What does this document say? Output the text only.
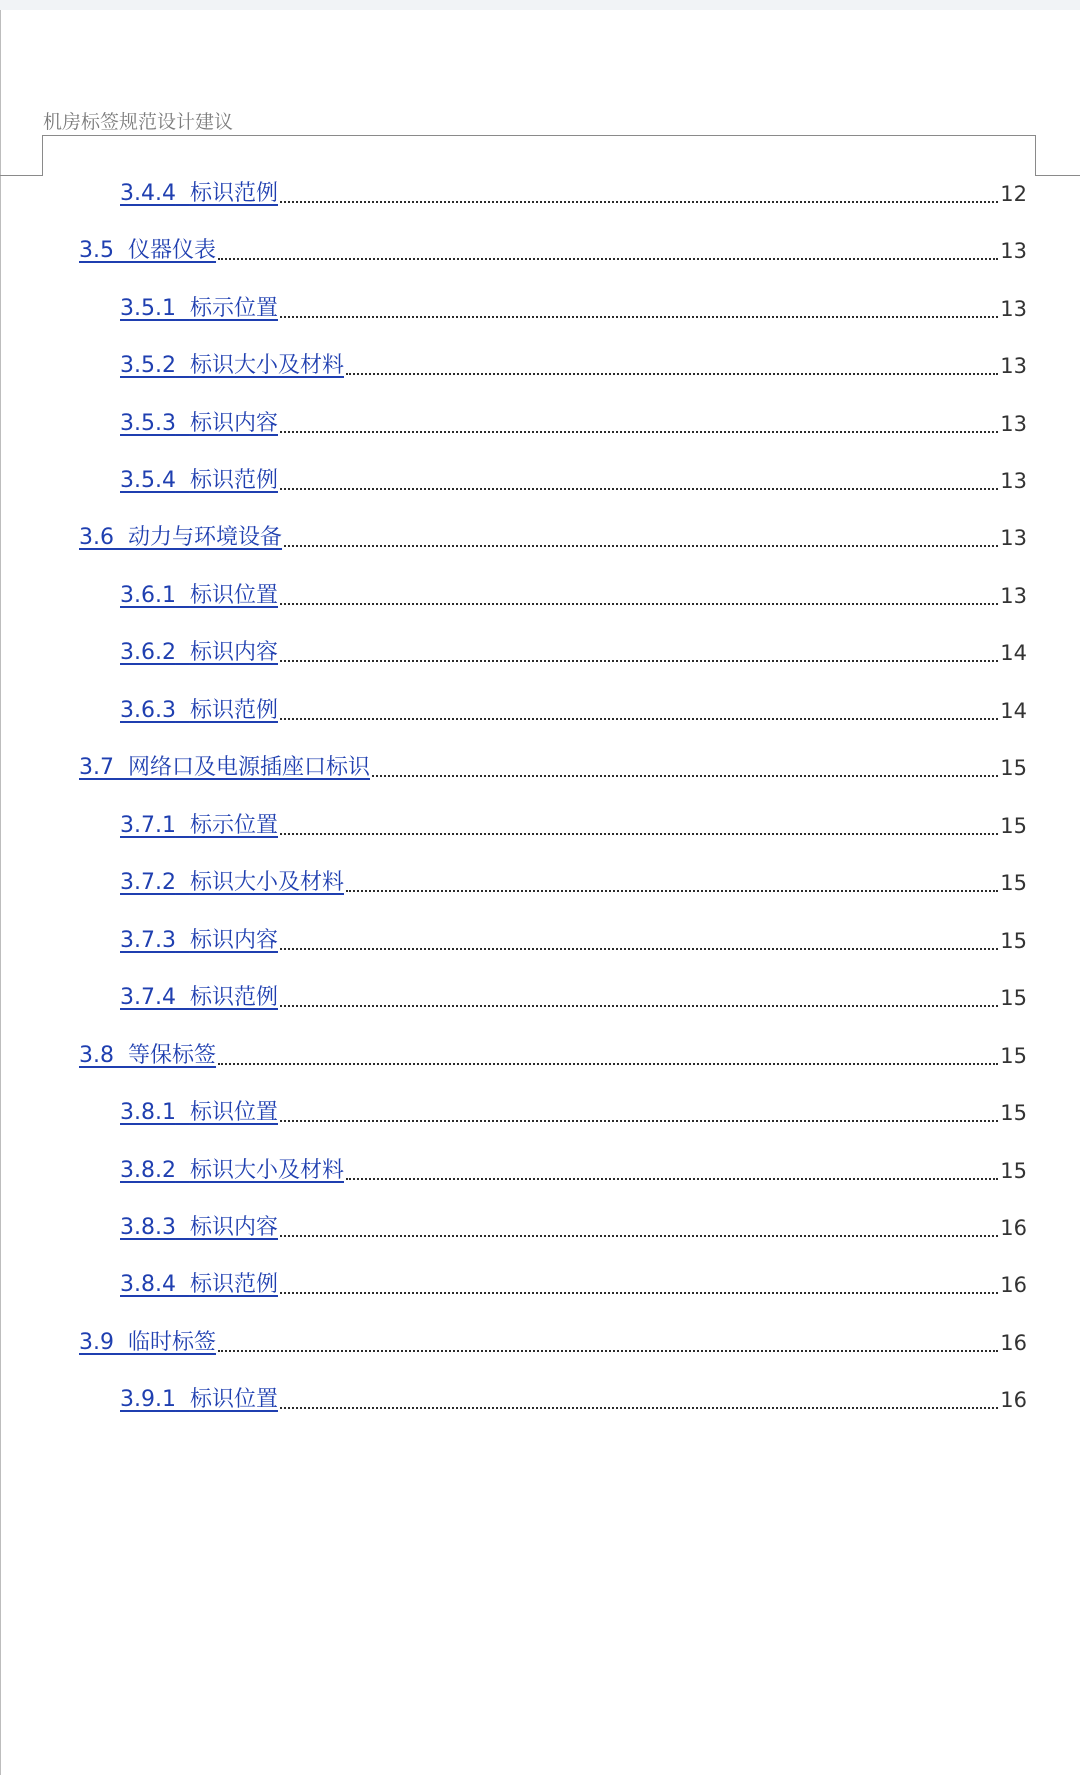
机房标签规范设计建议
3.4.4 标识范例	12
3.5 仪器仪表	13
3.5.1 标示位置	13
3.5.2 标识大小及材料	13
3.5.3 标识内容	13
3.5.4 标识范例	13
3.6 动力与环境设备	13
3.6.1 标识位置	13
3.6.2 标识内容	14
3.6.3 标识范例	14
3.7 网络口及电源插座口标识	15
3.7.1 标示位置	15
3.7.2 标识大小及材料	15
3.7.3 标识内容	15
3.7.4 标识范例	15
3.8 等保标签	15
3.8.1 标识位置	15
3.8.2 标识大小及材料	15
3.8.3 标识内容	16
3.8.4 标识范例	16
3.9 临时标签	16
3.9.1 标识位置	16
